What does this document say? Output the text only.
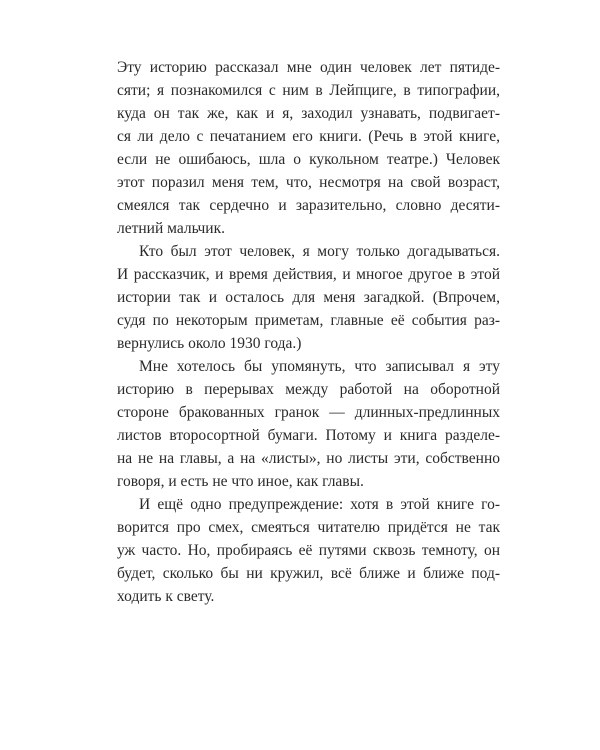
Эту историю рассказал мне один человек лет пятиде-
сяти; я познакомился с ним в Лейпциге, в типографии,
куда он так же, как и я, заходил узнавать, подвигает-
ся ли дело с печатанием его книги. (Речь в этой книге,
если не ошибаюсь, шла о кукольном театре.) Человек
этот поразил меня тем, что, несмотря на свой возраст,
смеялся так сердечно и заразительно, словно десяти-
летний мальчик.
Кто был этот человек, я могу только догадываться.
И рассказчик, и время действия, и многое другое в этой
истории так и осталось для меня загадкой. (Впрочем,
судя по некоторым приметам, главные её события раз-
вернулись около 1930 года.)
Мне хотелось бы упомянуть, что записывал я эту
историю в перерывах между работой на оборотной
стороне бракованных гранок — длинных-предлинных
листов второсортной бумаги. Потому и книга разделе-
на не на главы, а на «листы», но листы эти, собственно
говоря, и есть не что иное, как главы.
И ещё одно предупреждение: хотя в этой книге го-
ворится про смех, смеяться читателю придётся не так
уж часто. Но, пробираясь её путями сквозь темноту, он
будет, сколько бы ни кружил, всё ближе и ближе под-
ходить к свету.
